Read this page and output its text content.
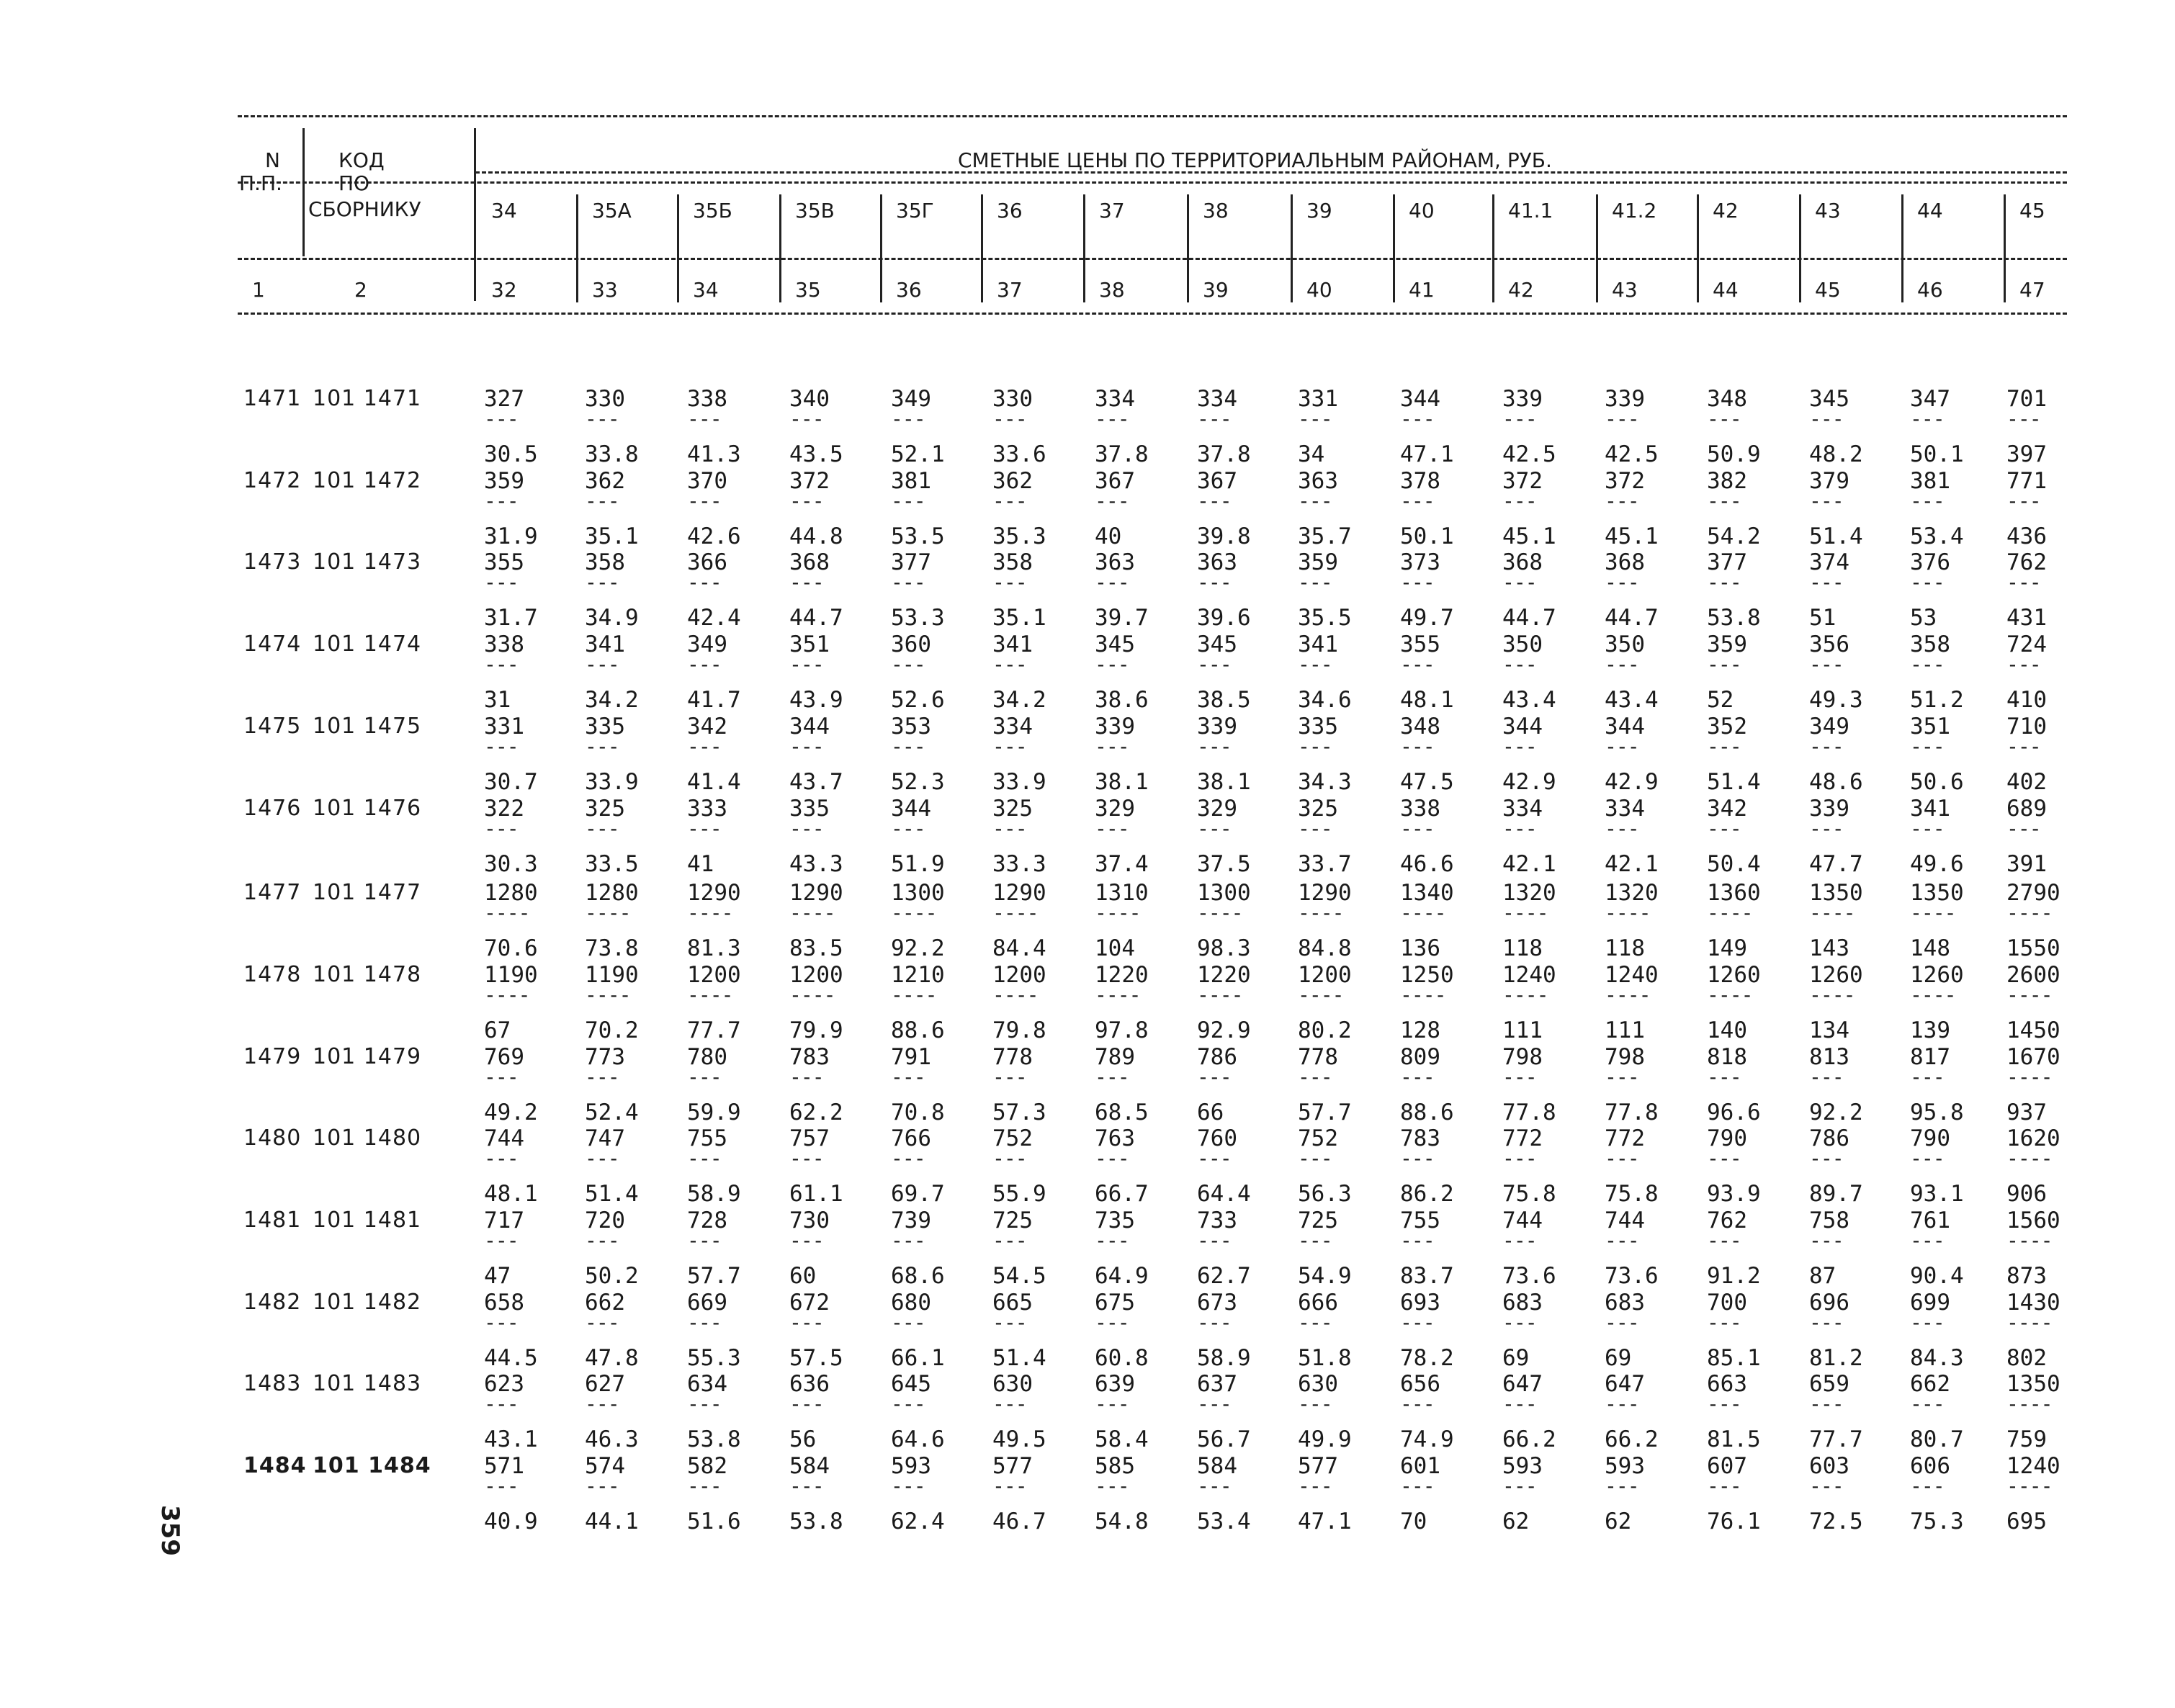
N
П.П.
КОД
ПО
СБОРНИКУ
СМЕТНЫЕ ЦЕНЫ ПО ТЕРРИТОРИАЛЬНЫМ РАЙОНАМ, РУБ.
34	35А	35Б	35В	35Г	36	37	38	39	40	41.1	41.2	42	43	44	45
1	2	32	33	34	35	36	37	38	39	40	41	42	43	44	45	46	47
1471 101 1471	327	330	338	340	349	330	334	334	331	344	339	339	348	345	347	701
---	---	---	---	---	---	---	---	---	---	---	---	---	---	---	---
30.5 33.8 41.3 43.5 52.1 33.6 37.8 37.8 34	47.1 42.5 42.5 50.9 48.2 50.1 397
1472 101 1472	359	362	370	372	381	362	367	367	363	378	372	372	382	379	381	771
---	---	---	---	---	---	---	---	---	---	---	---	---	---	---	---
31.9 35.1 42.6 44.8 53.5 35.3 40	39.8 35.7 50.1 45.1 45.1 54.2 51.4 53.4 436
1473 101 1473	355	358	366	368	377	358	363	363	359	373	368	368	377	374	376	762
---	---	---	---	---	---	---	---	---	---	---	---	---	---	---	---
31.7 34.9 42.4 44.7 53.3 35.1 39.7 39.6 35.5 49.7 44.7 44.7 53.8 51	53	431
1474 101 1474	338	341	349	351	360	341	345	345	341	355	350	350	359	356	358	724
---	---	---	---	---	---	---	---	---	---	---	---	---	---	---	---
31	34.2 41.7 43.9 52.6 34.2 38.6 38.5 34.6 48.1 43.4 43.4 52	49.3 51.2 410
1475 101 1475	331	335	342	344	353	334	339	339	335	348	344	344	352	349	351	710
---	---	---	---	---	---	---	---	---	---	---	---	---	---	---	---
30.7 33.9 41.4 43.7 52.3 33.9 38.1 38.1 34.3 47.5 42.9 42.9 51.4 48.6 50.6 402
1476 101 1476	322	325	333	335	344	325	329	329	325	338	334	334	342	339	341	689
---	---	---	---	---	---	---	---	---	---	---	---	---	---	---	---
30.3 33.5 41	43.3 51.9 33.3 37.4 37.5 33.7 46.6 42.1 42.1 50.4 47.7 49.6 391
1477 101 1477	1280 1280 1290 1290 1300 1290 1310 1300 1290 1340 1320 1320 1360 1350 1350 2790
----	----	----	----	----	----	----	----	----	----	----	----	----	----	----	----
70.6 73.8 81.3 83.5 92.2 84.4 104	98.3 84.8 136	118	118	149	143	148	1550
1478 101 1478	1190 1190 1200 1200 1210 1200 1220 1220 1200 1250 1240 1240 1260 1260 1260 2600
----	----	----	----	----	----	----	----	----	----	----	----	----	----	----	----
67	70.2 77.7 79.9 88.6 79.8 97.8 92.9 80.2 128	111	111	140	134	139	1450
1479 101 1479	769	773	780	783	791	778	789	786	778	809	798	798	818	813	817	1670
---	---	---	---	---	---	---	---	---	---	---	---	---	---	---	----
49.2 52.4 59.9 62.2 70.8 57.3 68.5 66	57.7 88.6 77.8 77.8 96.6 92.2 95.8 937
1480 101 1480	744	747	755	757	766	752	763	760	752	783	772	772	790	786	790	1620
---	---	---	---	---	---	---	---	---	---	---	---	---	---	---	----
48.1 51.4 58.9 61.1 69.7 55.9 66.7 64.4 56.3 86.2 75.8 75.8 93.9 89.7 93.1 906
1481 101 1481	717	720	728	730	739	725	735	733	725	755	744	744	762	758	761	1560
---	---	---	---	---	---	---	---	---	---	---	---	---	---	---	----
47	50.2 57.7 60	68.6 54.5 64.9 62.7 54.9 83.7 73.6 73.6 91.2 87	90.4 873
1482 101 1482	658	662	669	672	680	665	675	673	666	693	683	683	700	696	699	1430
---	---	---	---	---	---	---	---	---	---	---	---	---	---	---	----
44.5 47.8 55.3 57.5 66.1 51.4 60.8 58.9 51.8 78.2 69	69	85.1 81.2 84.3 802
1483 101 1483	623	627	634	636	645	630	639	637	630	656	647	647	663	659	662	1350
---	---	---	---	---	---	---	---	---	---	---	---	---	---	---	----
43.1 46.3 53.8 56	64.6 49.5 58.4 56.7 49.9 74.9 66.2 66.2 81.5 77.7 80.7 759
1484 101 1484 571	574	582	584	593	577	585	584	577	601	593	593	607	603	606	1240
---	---	---	---	---	---	---	---	---	---	---	---	---	---	---	----
40.9 44.1 51.6 53.8 62.4 46.7 54.8 53.4 47.1 70	62	62	76.1 72.5 75.3 695
359
